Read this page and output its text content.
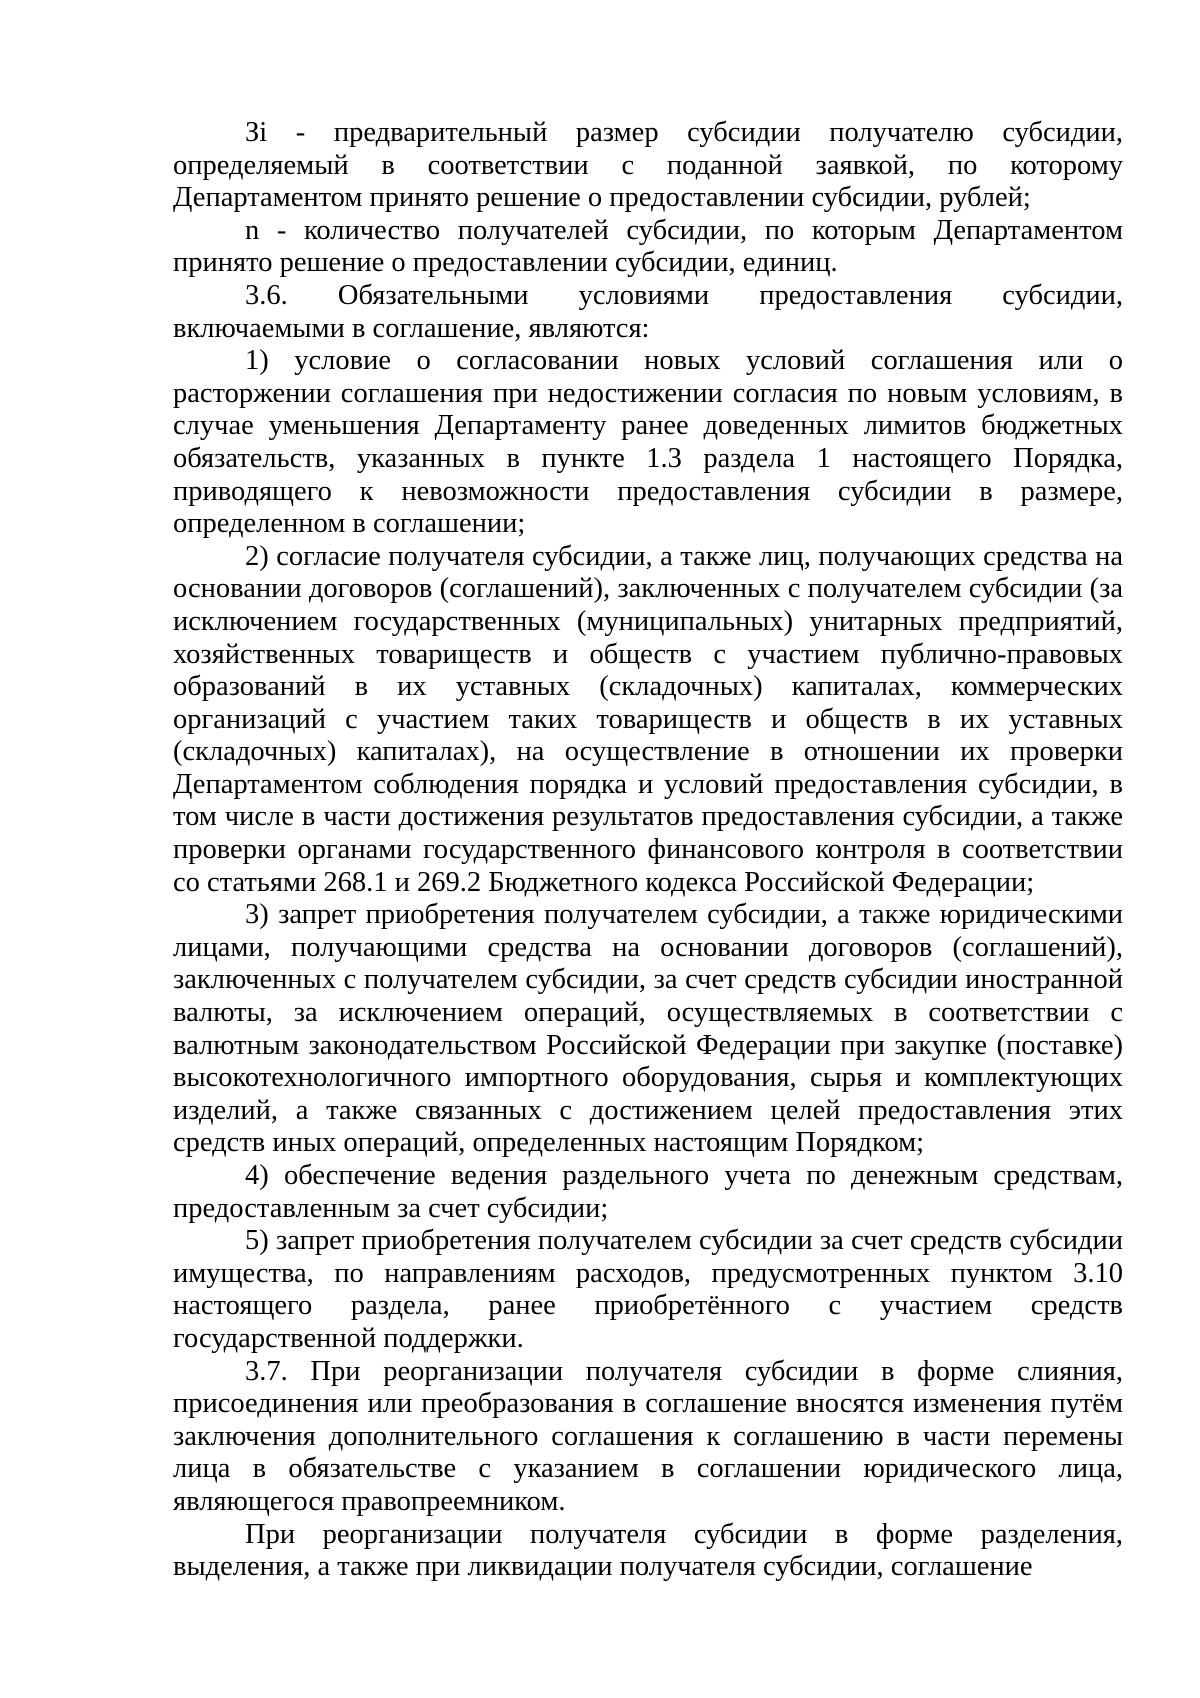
Зi - предварительный размер субсидии получателю субсидии, определяемый в соответствии с поданной заявкой, по которому Департаментом принято решение о предоставлении субсидии, рублей;

n - количество получателей субсидии, по которым Департаментом принято решение о предоставлении субсидии, единиц.

3.6. Обязательными условиями предоставления субсидии, включаемыми в соглашение, являются:

1) условие о согласовании новых условий соглашения или о расторжении соглашения при недостижении согласия по новым условиям, в случае уменьшения Департаменту ранее доведенных лимитов бюджетных обязательств, указанных в пункте 1.3 раздела 1 настоящего Порядка, приводящего к невозможности предоставления субсидии в размере, определенном в соглашении;

2) согласие получателя субсидии, а также лиц, получающих средства на основании договоров (соглашений), заключенных с получателем субсидии (за исключением государственных (муниципальных) унитарных предприятий, хозяйственных товариществ и обществ с участием публично-правовых образований в их уставных (складочных) капиталах, коммерческих организаций с участием таких товариществ и обществ в их уставных (складочных) капиталах), на осуществление в отношении их проверки Департаментом соблюдения порядка и условий предоставления субсидии, в том числе в части достижения результатов предоставления субсидии, а также проверки органами государственного финансового контроля в соответствии со статьями 268.1 и 269.2 Бюджетного кодекса Российской Федерации;

3) запрет приобретения получателем субсидии, а также юридическими лицами, получающими средства на основании договоров (соглашений), заключенных с получателем субсидии, за счет средств субсидии иностранной валюты, за исключением операций, осуществляемых в соответствии с валютным законодательством Российской Федерации при закупке (поставке) высокотехнологичного импортного оборудования, сырья и комплектующих изделий, а также связанных с достижением целей предоставления этих средств иных операций, определенных настоящим Порядком;

4) обеспечение ведения раздельного учета по денежным средствам, предоставленным за счет субсидии;

5) запрет приобретения получателем субсидии за счет средств субсидии имущества, по направлениям расходов, предусмотренных пунктом 3.10 настоящего раздела, ранее приобретённого с участием средств государственной поддержки.

3.7. При реорганизации получателя субсидии в форме слияния, присоединения или преобразования в соглашение вносятся изменения путём заключения дополнительного соглашения к соглашению в части перемены лица в обязательстве с указанием в соглашении юридического лица, являющегося правопреемником.

При реорганизации получателя субсидии в форме разделения, выделения, а также при ликвидации получателя субсидии, соглашение
